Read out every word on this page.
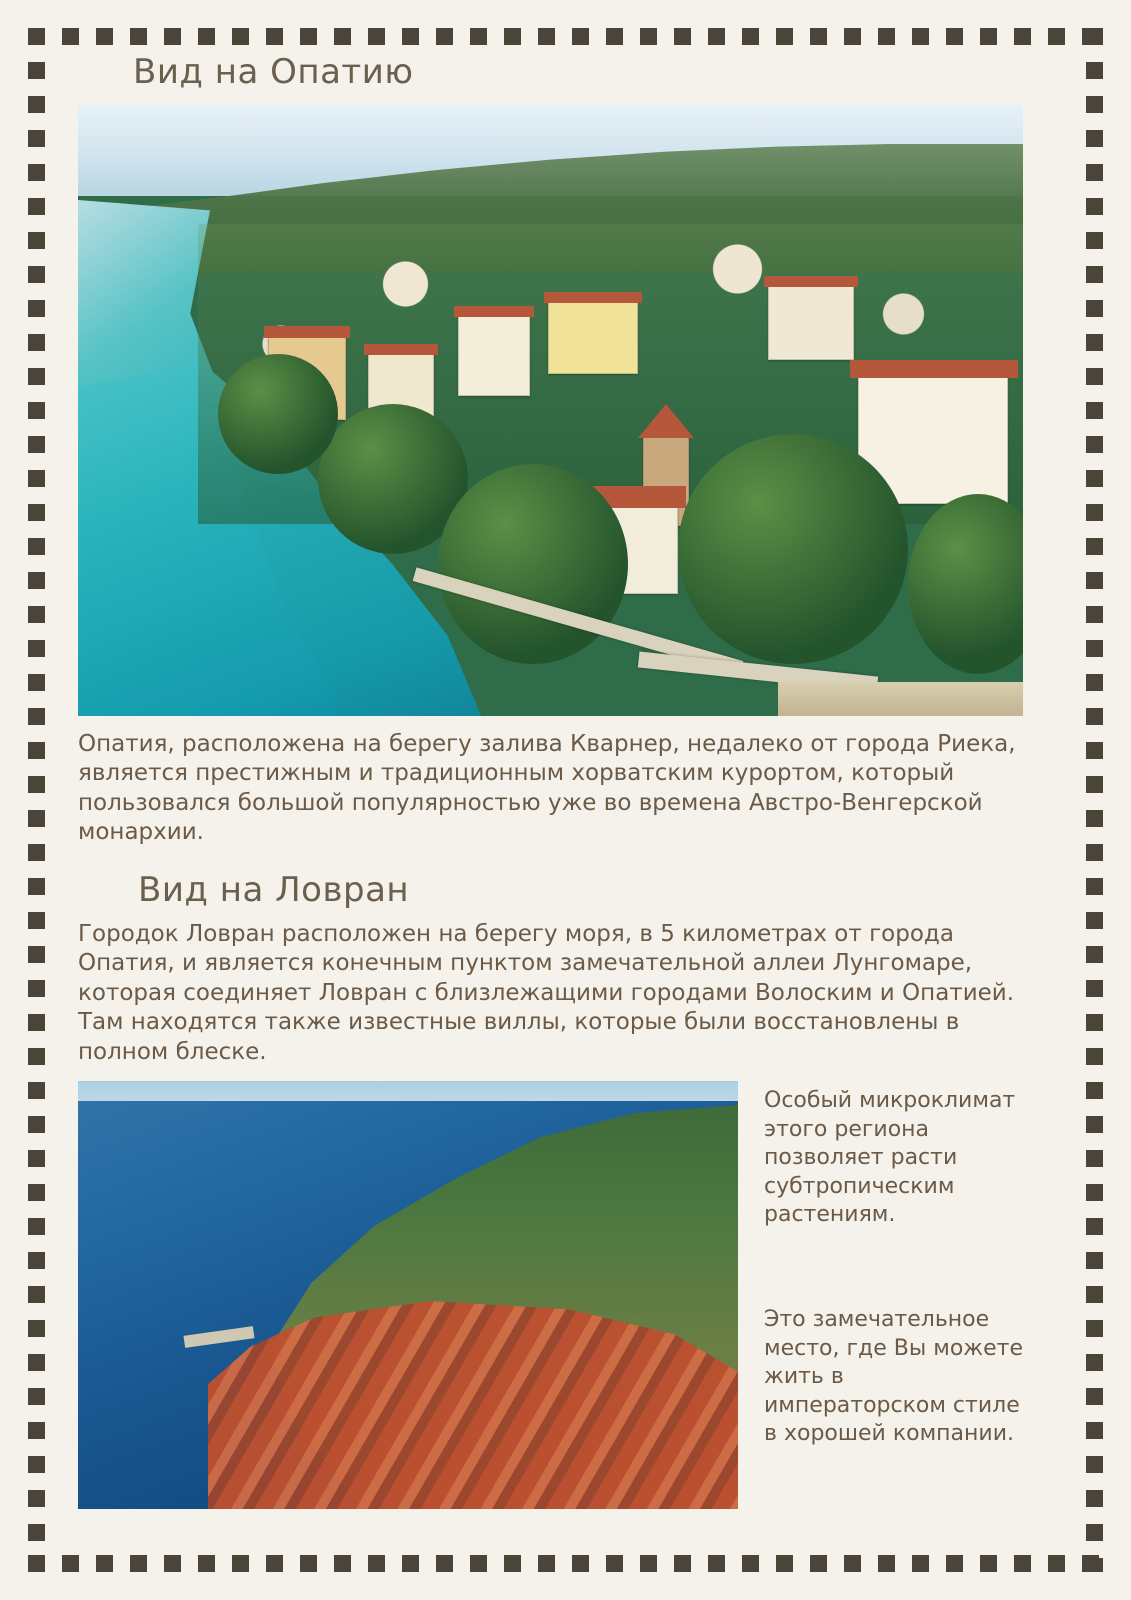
Вид на Опатию

Опатия, расположена на берегу залива Кварнер, недалеко от города Риека, является престижным и традиционным хорватским курортом, который пользовался большой популярностью уже во времена Австро-Венгерской монархии.

Вид на Ловран

Городок Ловран расположен на берегу моря, в 5 километрах от города Опатия, и является конечным пунктом замечательной аллеи Лунгомаре, которая соединяет Ловран с близлежащими городами Волоским и Опатией. Там находятся также известные виллы, которые были восстановлены в полном блеске.

Особый микроклимат этого региона позволяет расти субтропическим растениям.

Это замечательное место, где Вы можете жить в императорском стиле в хорошей компании.
